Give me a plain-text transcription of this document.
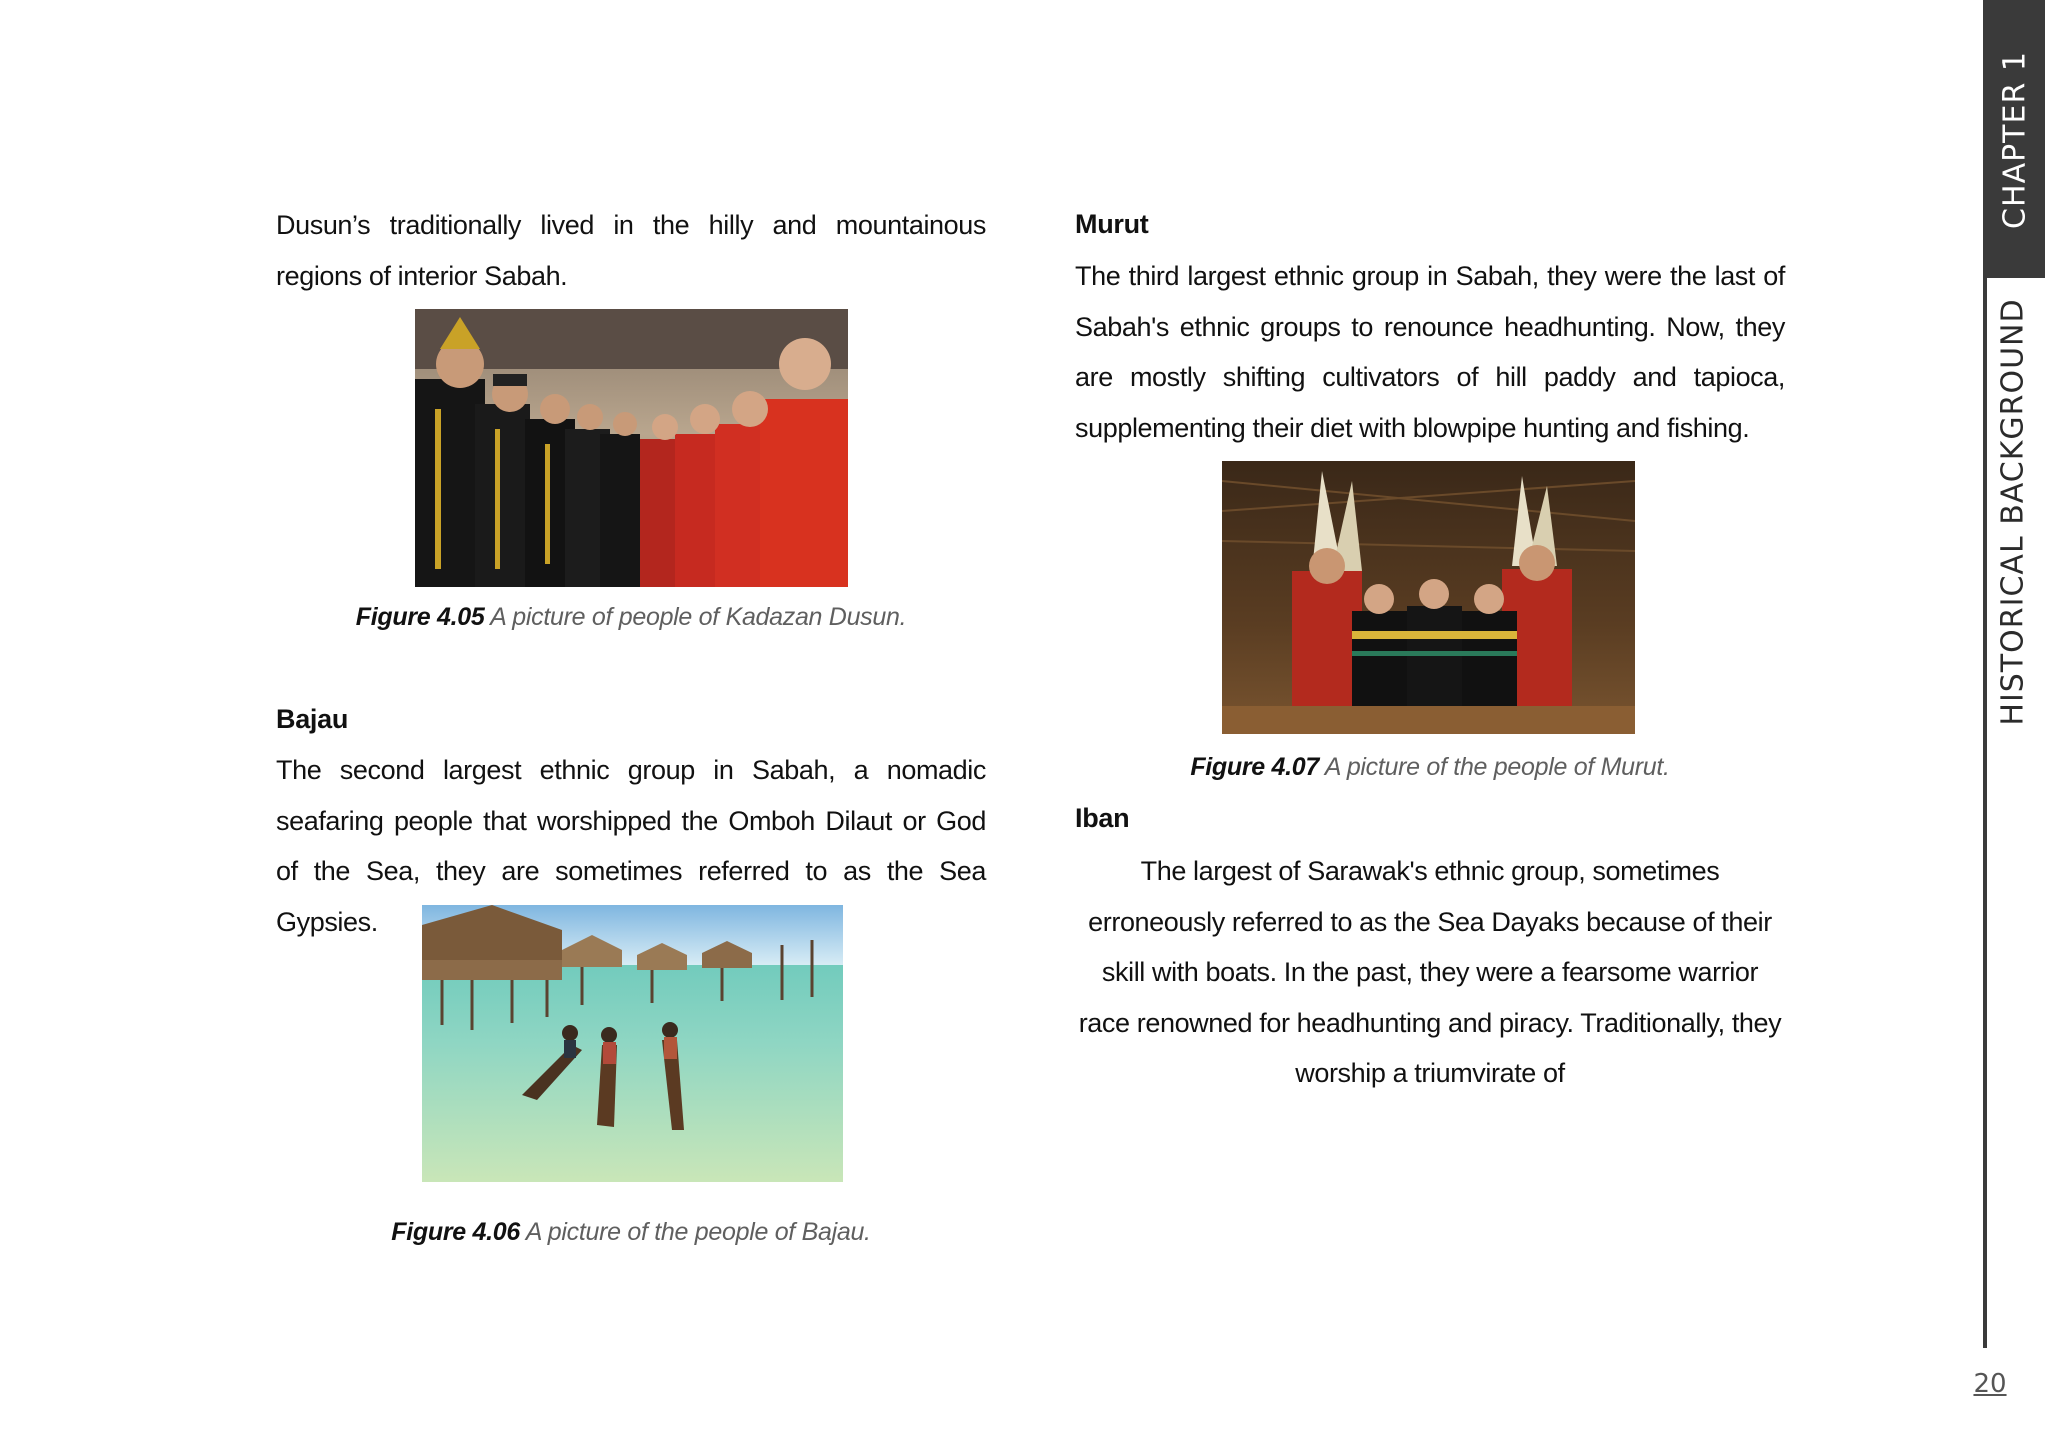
Dusun’s traditionally lived in the hilly and mountainous regions of interior Sabah.

Figure 4.05 A picture of people of Kadazan Dusun.

Bajau

The second largest ethnic group in Sabah, a nomadic seafaring people that worshipped the Omboh Dilaut or God of the Sea, they are sometimes referred to as the Sea Gypsies.

Figure 4.06 A picture of the people of Bajau.

Murut

The third largest ethnic group in Sabah, they were the last of Sabah's ethnic groups to renounce headhunting. Now, they are mostly shifting cultivators of hill paddy and tapioca, supplementing their diet with blowpipe hunting and fishing.

Figure 4.07 A picture of the people of Murut.

Iban

The largest of Sarawak's ethnic group, sometimes erroneously referred to as the Sea Dayaks because of their skill with boats. In the past, they were a fearsome warrior race renowned for headhunting and piracy. Traditionally, they worship a triumvirate of

CHAPTER 1
HISTORICAL BACKGROUND
20
